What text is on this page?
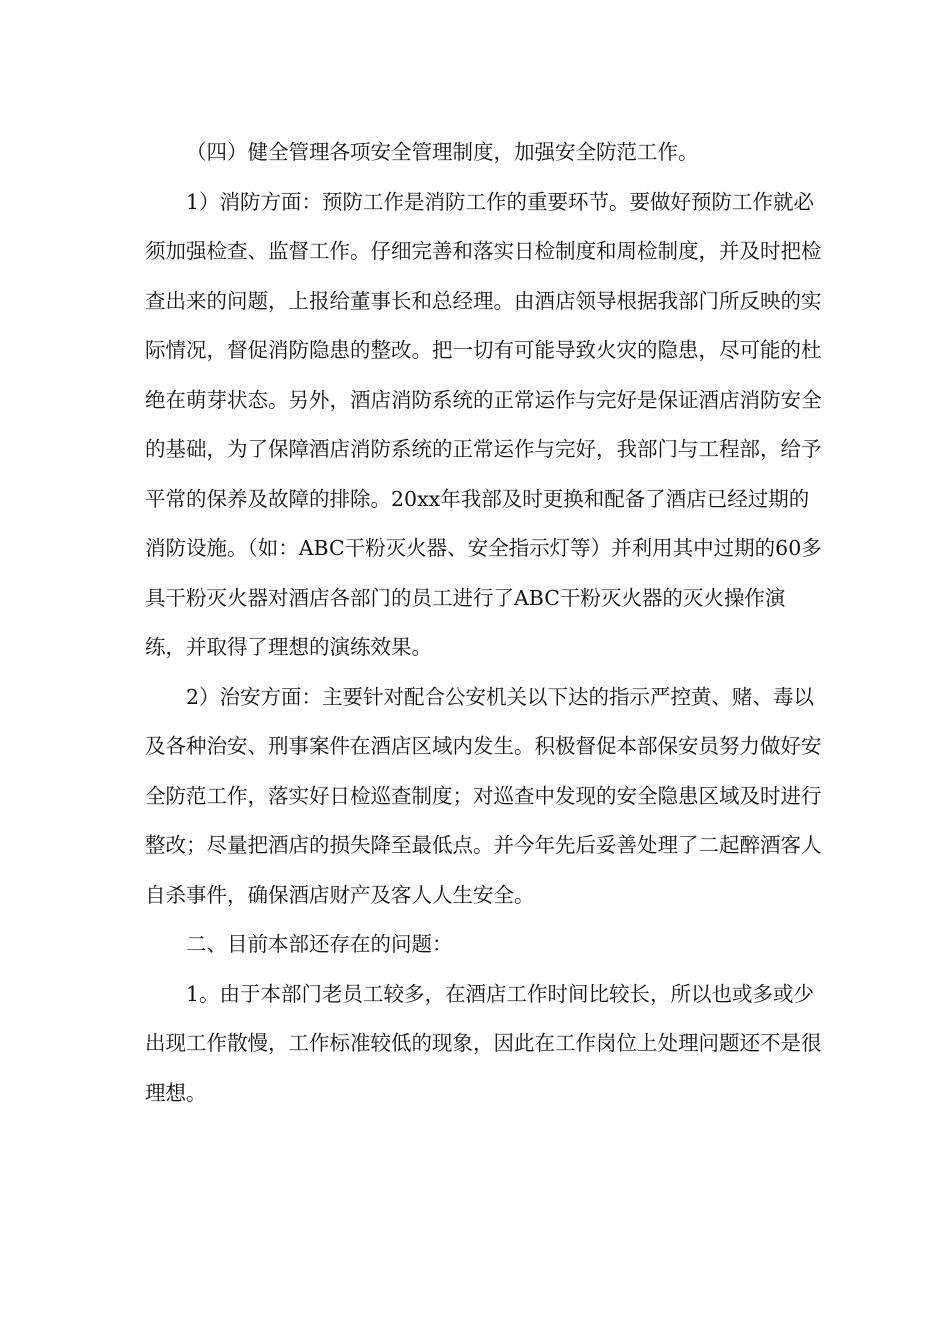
（四）健全管理各项安全管理制度，加强安全防范工作。

1）消防方面：预防工作是消防工作的重要环节。要做好预防工作就必须加强检查、监督工作。仔细完善和落实日检制度和周检制度，并及时把检查出来的问题，上报给董事长和总经理。由酒店领导根据我部门所反映的实际情况，督促消防隐患的整改。把一切有可能导致火灾的隐患，尽可能的杜绝在萌芽状态。另外，酒店消防系统的正常运作与完好是保证酒店消防安全的基础，为了保障酒店消防系统的正常运作与完好，我部门与工程部，给予平常的保养及故障的排除。20xx年我部及时更换和配备了酒店已经过期的消防设施。（如：ABC干粉灭火器、安全指示灯等）并利用其中过期的60多具干粉灭火器对酒店各部门的员工进行了ABC干粉灭火器的灭火操作演练，并取得了理想的演练效果。

2）治安方面：主要针对配合公安机关以下达的指示严控黄、赌、毒以及各种治安、刑事案件在酒店区域内发生。积极督促本部保安员努力做好安全防范工作，落实好日检巡查制度；对巡查中发现的安全隐患区域及时进行整改；尽量把酒店的损失降至最低点。并今年先后妥善处理了二起醉酒客人自杀事件，确保酒店财产及客人人生安全。

二、目前本部还存在的问题：

1。由于本部门老员工较多，在酒店工作时间比较长，所以也或多或少出现工作散慢，工作标准较低的现象，因此在工作岗位上处理问题还不是很理想。
